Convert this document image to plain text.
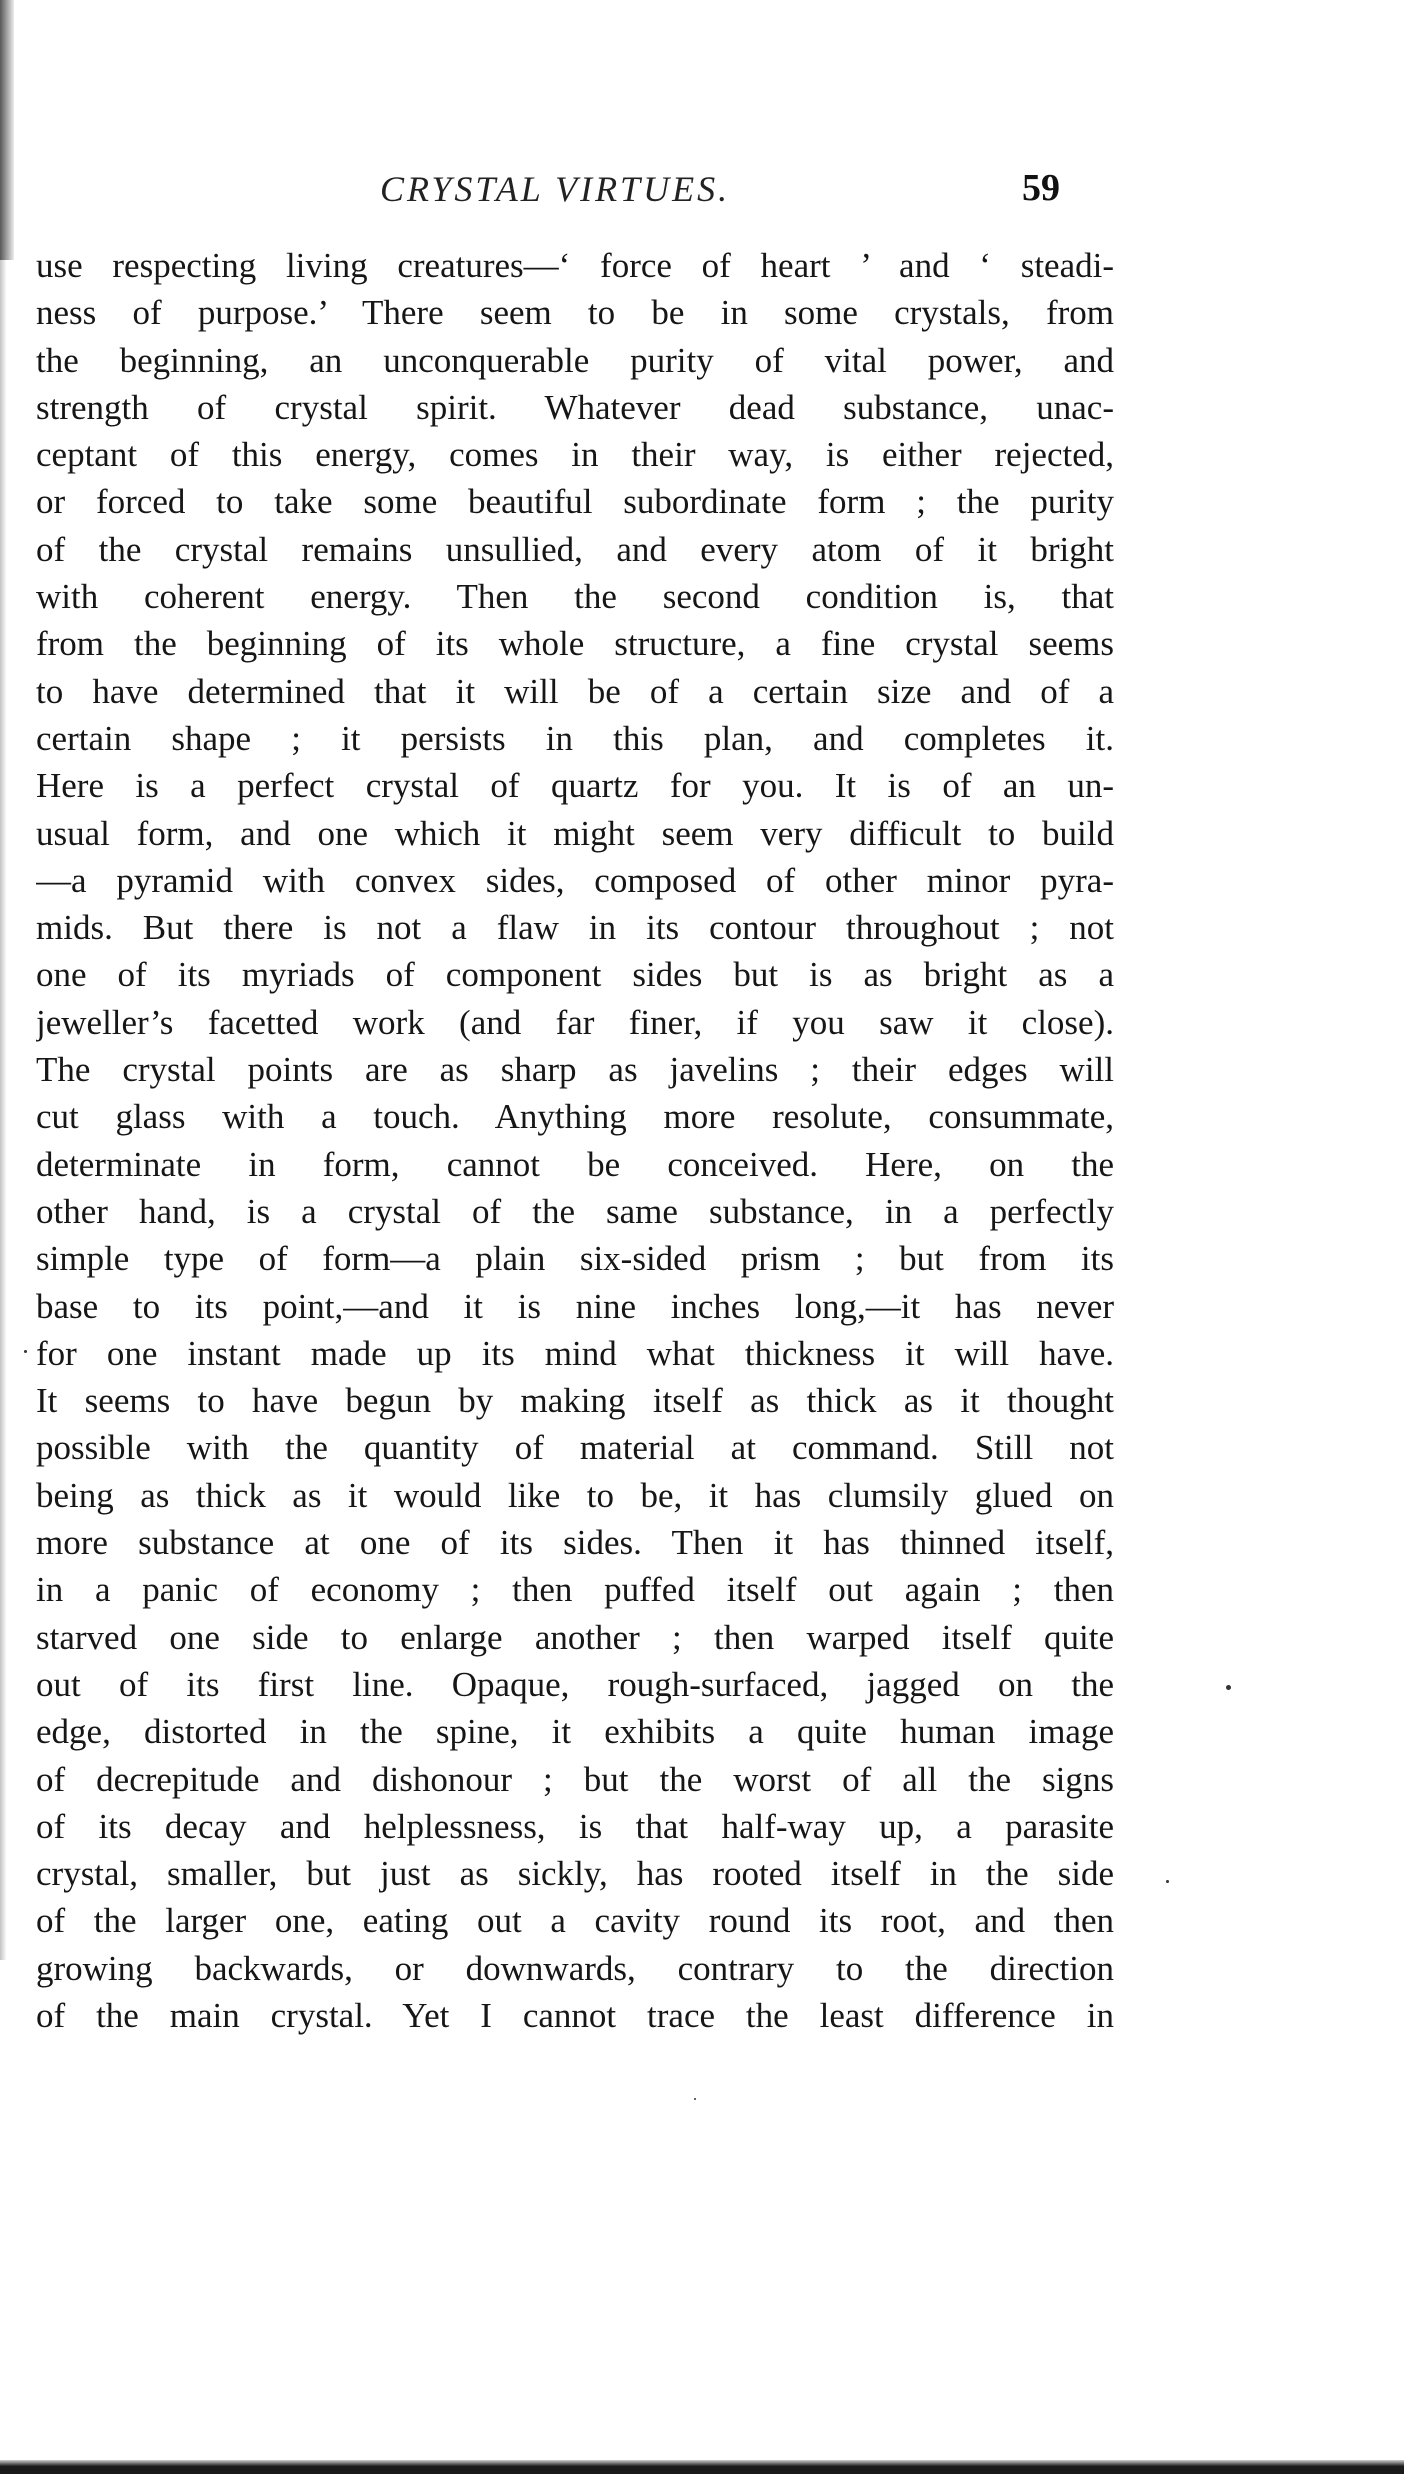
CRYSTAL VIRTUES.	59
use respecting living creatures—‘ force of heart ’ and ‘ steadi-
ness of purpose.’ There seem to be in some crystals, from
the beginning, an unconquerable purity of vital power, and
strength of crystal spirit. Whatever dead substance, unac-
ceptant of this energy, comes in their way, is either rejected,
or forced to take some beautiful subordinate form ; the purity
of the crystal remains unsullied, and every atom of it bright
with coherent energy. Then the second condition is, that
from the beginning of its whole structure, a fine crystal seems
to have determined that it will be of a certain size and of a
certain shape ; it persists in this plan, and completes it.
Here is a perfect crystal of quartz for you. It is of an un-
usual form, and one which it might seem very difficult to build
—a pyramid with convex sides, composed of other minor pyra-
mids. But there is not a flaw in its contour throughout ; not
one of its myriads of component sides but is as bright as a
jeweller’s facetted work (and far finer, if you saw it close).
The crystal points are as sharp as javelins ; their edges will
cut glass with a touch. Anything more resolute, consummate,
determinate in form, cannot be conceived. Here, on the
other hand, is a crystal of the same substance, in a perfectly
simple type of form—a plain six-sided prism ; but from its
base to its point,—and it is nine inches long,—it has never
for one instant made up its mind what thickness it will have.
It seems to have begun by making itself as thick as it thought
possible with the quantity of material at command. Still not
being as thick as it would like to be, it has clumsily glued on
more substance at one of its sides. Then it has thinned itself,
in a panic of economy ; then puffed itself out again ; then
starved one side to enlarge another ; then warped itself quite
out of its first line. Opaque, rough-surfaced, jagged on the
edge, distorted in the spine, it exhibits a quite human image
of decrepitude and dishonour ; but the worst of all the signs
of its decay and helplessness, is that half-way up, a parasite
crystal, smaller, but just as sickly, has rooted itself in the side
of the larger one, eating out a cavity round its root, and then
growing backwards, or downwards, contrary to the direction
of the main crystal. Yet I cannot trace the least difference in
